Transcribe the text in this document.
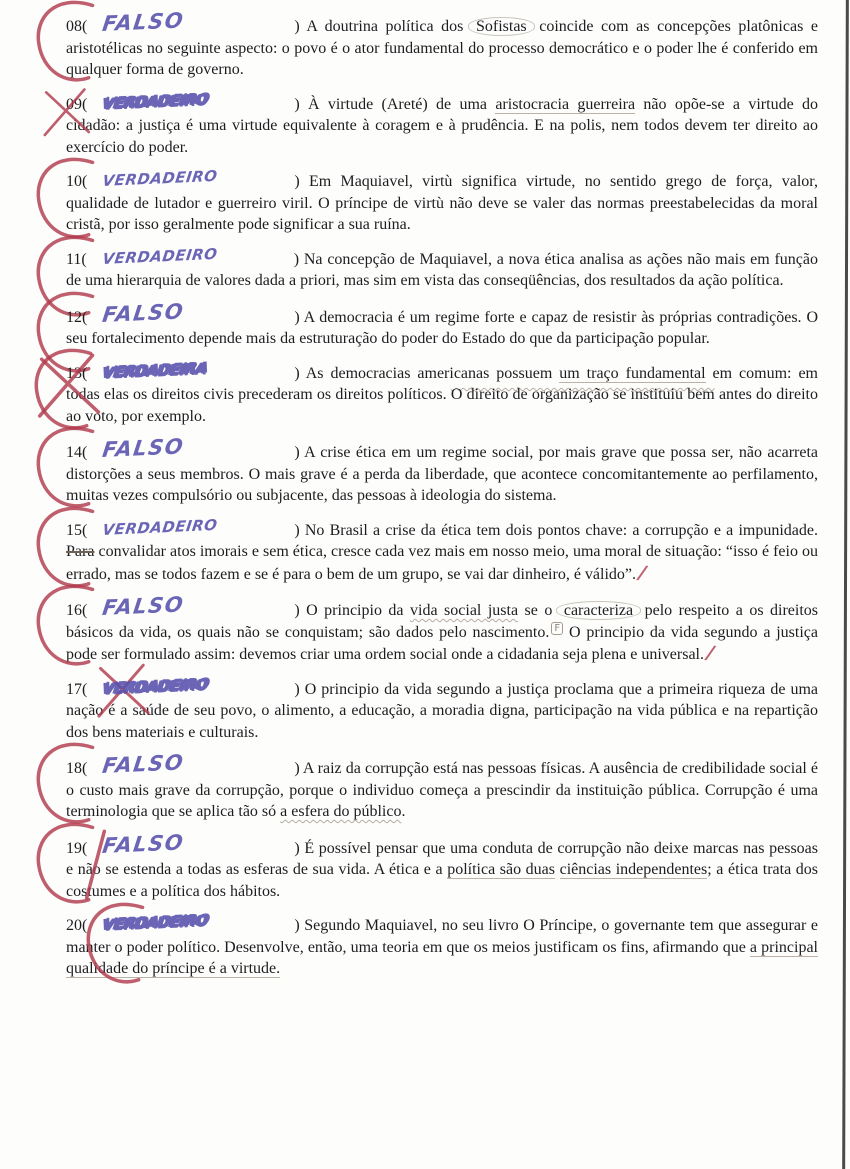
08( FALSO	) A doutrina política dos Sofistas coincide com as concepções platônicas e aristotélicas no seguinte aspecto: o povo é o ator fundamental do processo democrático e o poder lhe é conferido em qualquer forma de governo.
09( VERDADEIRO	) À virtude (Areté) de uma aristocracia guerreira não opõe-se a virtude do cidadão: a justiça é uma virtude equivalente à coragem e à prudência. E na polis, nem todos devem ter direito ao exercício do poder.
10( VERDADEIRO	) Em Maquiavel, virtù significa virtude, no sentido grego de força, valor, qualidade de lutador e guerreiro viril. O príncipe de virtù não deve se valer das normas preestabelecidas da moral cristã, por isso geralmente pode significar a sua ruína.
11( VERDADEIRO	) Na concepção de Maquiavel, a nova ética analisa as ações não mais em função de uma hierarquia de valores dada a priori, mas sim em vista das conseqüências, dos resultados da ação política.
12( FALSO	) A democracia é um regime forte e capaz de resistir às próprias contradições. O seu fortalecimento depende mais da estruturação do poder do Estado do que da participação popular.
13( VERDADEIRA	) As democracias americanas possuem um traço fundamental em comum: em todas elas os direitos civis precederam os direitos políticos. O direito de organização se instituiu bem antes do direito ao voto, por exemplo.
14( FALSO	) A crise ética em um regime social, por mais grave que possa ser, não acarreta distorções a seus membros. O mais grave é a perda da liberdade, que acontece concomitantemente ao perfilamento, muitas vezes compulsório ou subjacente, das pessoas à ideologia do sistema.
15( VERDADEIRO	) No Brasil a crise da ética tem dois pontos chave: a corrupção e a impunidade. Para convalidar atos imorais e sem ética, cresce cada vez mais em nosso meio, uma moral de situação: “isso é feio ou errado, mas se todos fazem e se é para o bem de um grupo, se vai dar dinheiro, é válido”./
16( FALSO	) O principio da vida social justa se o caracteriza pelo respeito a os direitos básicos da vida, os quais não se conquistam; são dados pelo nascimento. F O principio da vida segundo a justiça pode ser formulado assim: devemos criar uma ordem social onde a cidadania seja plena e universal./
17( VERDADEIRO	) O principio da vida segundo a justiça proclama que a primeira riqueza de uma nação é a saúde de seu povo, o alimento, a educação, a moradia digna, participação na vida pública e na repartição dos bens materiais e culturais.
18( FALSO	) A raiz da corrupção está nas pessoas físicas. A ausência de credibilidade social é o custo mais grave da corrupção, porque o individuo começa a prescindir da instituição pública. Corrupção é uma terminologia que se aplica tão só a esfera do público.
19( FALSO	) É possível pensar que uma conduta de corrupção não deixe marcas nas pessoas e não se estenda a todas as esferas de sua vida. A ética e a política são duas ciências independentes; a ética trata dos costumes e a política dos hábitos.
20( VERDADEIRO	) Segundo Maquiavel, no seu livro O Príncipe, o governante tem que assegurar e manter o poder político. Desenvolve, então, uma teoria em que os meios justificam os fins, afirmando que a principal qualidade do príncipe é a virtude.
